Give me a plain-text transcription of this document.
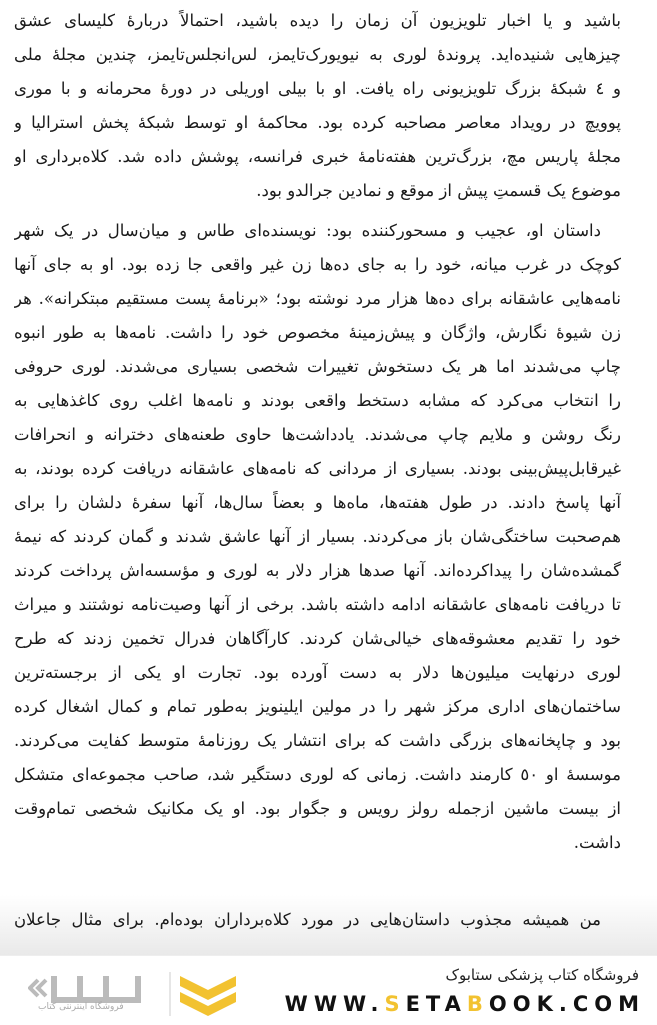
باشید و یا اخبار تلویزیون آن زمان را دیده باشید، احتمالاً دربارهٔ کلیسای عشق
چیزهایی شنیده‌اید. پروندهٔ لوری به نیویورک‌تایمز، لس‌انجلس‌تایمز، چندین مجلهٔ ملی
و ٤ شبکهٔ بزرگ تلویزیونی راه یافت. او با بیلی اوریلی در دورهٔ محرمانه و با موری
پوویچ در رویداد معاصر مصاحبه کرده بود. محاکمهٔ او توسط شبکهٔ پخش استرالیا و
مجلهٔ پاریس مچ، بزرگ‌ترین هفته‌نامهٔ خبری فرانسه، پوشش داده شد. کلاه‌برداری او
موضوع یک قسمتِ پیش از موقع و نمادین جرالدو بود.
داستان او، عجیب و مسحورکننده بود: نویسنده‌ای طاس و میان‌سال در یک شهر
کوچک در غرب میانه، خود را به جای ده‌ها زن غیر واقعی جا زده بود. او به جای آنها
نامه‌هایی عاشقانه برای ده‌ها هزار مرد نوشته بود؛ «برنامهٔ پست مستقیم مبتکرانه». هر
زن شیوهٔ نگارش، واژگان و پیش‌زمینهٔ مخصوص خود را داشت. نامه‌ها به طور انبوه
چاپ می‌شدند اما هر یک دستخوش تغییرات شخصی بسیاری می‌شدند. لوری حروفی
را انتخاب می‌کرد که مشابه دستخط واقعی بودند و نامه‌ها اغلب روی کاغذهایی به
رنگ روشن و ملایم چاپ می‌شدند. یادداشت‌ها حاوی طعنه‌های دخترانه و انحرافات
غیرقابل‌پیش‌بینی بودند. بسیاری از مردانی که نامه‌های عاشقانه دریافت کرده بودند، به
آنها پاسخ دادند. در طول هفته‌ها، ماه‌ها و بعضاً سال‌ها، آنها سفرهٔ دلشان را برای
هم‌صحبت ساختگی‌شان باز می‌کردند. بسیار از آنها عاشق شدند و گمان کردند که نیمهٔ
گمشده‌شان را پیداکرده‌اند. آنها صدها هزار دلار به لوری و مؤسسه‌اش پرداخت کردند
تا دریافت نامه‌های عاشقانه ادامه داشته باشد. برخی از آنها وصیت‌نامه نوشتند و میراث
خود را تقدیم معشوقه‌های خیالی‌شان کردند. کارآگاهان فدرال تخمین زدند که طرح
لوری درنهایت میلیون‌ها دلار به دست آورده بود. تجارت او یکی از برجسته‌ترین
ساختمان‌های اداری مرکز شهر را در مولین ایلینویز به‌طور تمام و کمال اشغال کرده
بود و چاپخانه‌های بزرگی داشت که برای انتشار یک روزنامهٔ متوسط کفایت می‌کردند.
موسسهٔ او ٥٠ کارمند داشت. زمانی که لوری دستگیر شد، صاحب مجموعه‌ای متشکل
از بیست ماشین ازجمله رولز رویس و جگوار بود. او یک مکانیک شخصی تمام‌وقت
داشت.
من همیشه مجذوب داستان‌هایی در مورد کلاه‌برداران بوده‌ام. برای مثال جاعلان
فروشگاه کتاب پزشکی ستابوک
WWW.SETABOOK.COM
فروشگاه اینترنتی کتاب
